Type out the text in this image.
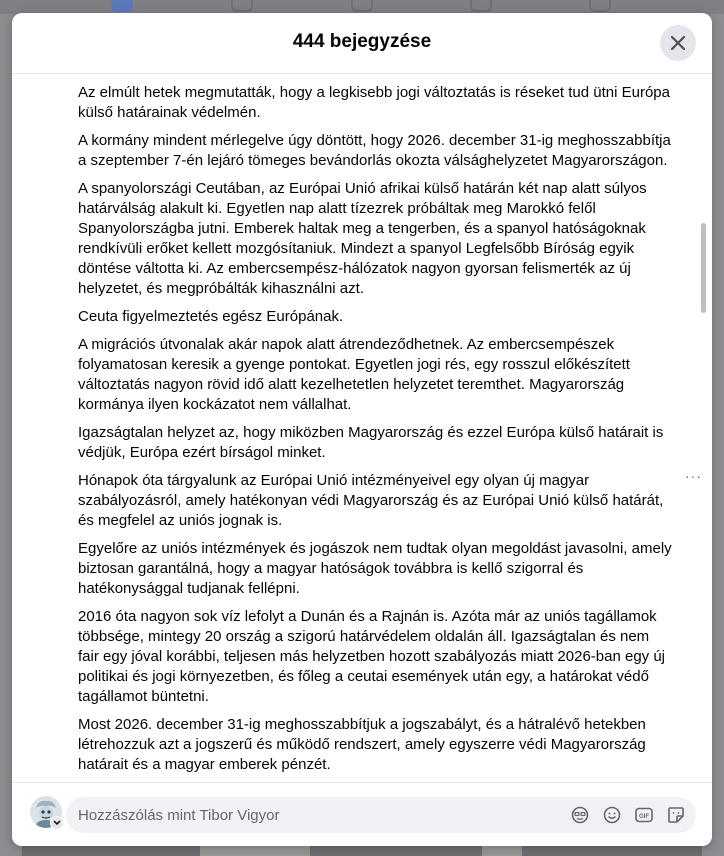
444 bejegyzése

Az elmúlt hetek megmutatták, hogy a legkisebb jogi változtatás is réseket tud ütni Európa külső határainak védelmén.

A kormány mindent mérlegelve úgy döntött, hogy 2026. december 31-ig meghosszabbítja a szeptember 7-én lejáró tömeges bevándorlás okozta válsághelyzetet Magyarországon.

A spanyolországi Ceutában, az Európai Unió afrikai külső határán két nap alatt súlyos határválság alakult ki. Egyetlen nap alatt tízezrek próbáltak meg Marokkó felől Spanyolországba jutni. Emberek haltak meg a tengerben, és a spanyol hatóságoknak rendkívüli erőket kellett mozgósítaniuk. Mindezt a spanyol Legfelsőbb Bíróság egyik döntése váltotta ki. Az embercsempész-hálózatok nagyon gyorsan felismerték az új helyzetet, és megpróbálták kihasználni azt.

Ceuta figyelmeztetés egész Európának.

A migrációs útvonalak akár napok alatt átrendeződhetnek. Az embercsempészek folyamatosan keresik a gyenge pontokat. Egyetlen jogi rés, egy rosszul előkészített változtatás nagyon rövid idő alatt kezelhetetlen helyzetet teremthet. Magyarország kormánya ilyen kockázatot nem vállalhat.

Igazságtalan helyzet az, hogy miközben Magyarország és ezzel Európa külső határait is védjük, Európa ezért bírságol minket.

Hónapok óta tárgyalunk az Európai Unió intézményeivel egy olyan új magyar szabályozásról, amely hatékonyan védi Magyarország és az Európai Unió külső határát, és megfelel az uniós jognak is.

Egyelőre az uniós intézmények és jogászok nem tudtak olyan megoldást javasolni, amely biztosan garantálná, hogy a magyar hatóságok továbbra is kellő szigorral és hatékonysággal tudjanak fellépni.

2016 óta nagyon sok víz lefolyt a Dunán és a Rajnán is. Azóta már az uniós tagállamok többsége, mintegy 20 ország a szigorú határvédelem oldalán áll. Igazságtalan és nem fair egy jóval korábbi, teljesen más helyzetben hozott szabályozás miatt 2026-ban egy új politikai és jogi környezetben, és főleg a ceutai események után egy, a határokat védő tagállamot büntetni.

Most 2026. december 31-ig meghosszabbítjuk a jogszabályt, és a hátralévő hetekben létrehozzuk azt a jogszerű és működő rendszert, amely egyszerre védi Magyarország határait és a magyar emberek pénzét.

···
Hozzászólás mint Tibor Vigyor
GIF
